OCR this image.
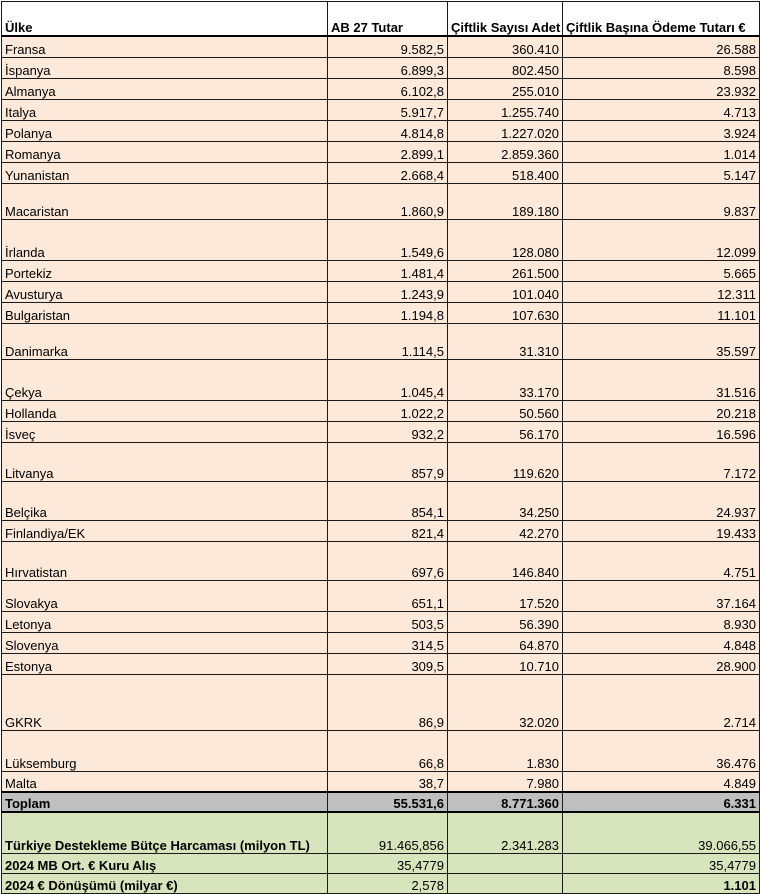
Ülke	AB 27 Tutar	Çiftlik Sayısı Adet	Çiftlik Başına Ödeme Tutarı €
Fransa	9.582,5	360.410	26.588
İspanya	6.899,3	802.450	8.598
Almanya	6.102,8	255.010	23.932
Italya	5.917,7	1.255.740	4.713
Polanya	4.814,8	1.227.020	3.924
Romanya	2.899,1	2.859.360	1.014
Yunanistan	2.668,4	518.400	5.147
Macaristan	1.860,9	189.180	9.837
İrlanda	1.549,6	128.080	12.099
Portekiz	1.481,4	261.500	5.665
Avusturya	1.243,9	101.040	12.311
Bulgaristan	1.194,8	107.630	11.101
Danimarka	1.114,5	31.310	35.597
Çekya	1.045,4	33.170	31.516
Hollanda	1.022,2	50.560	20.218
İsveç	932,2	56.170	16.596
Litvanya	857,9	119.620	7.172
Belçika	854,1	34.250	24.937
Finlandiya/EK	821,4	42.270	19.433
Hırvatistan	697,6	146.840	4.751
Slovakya	651,1	17.520	37.164
Letonya	503,5	56.390	8.930
Slovenya	314,5	64.870	4.848
Estonya	309,5	10.710	28.900
GKRK	86,9	32.020	2.714
Lüksemburg	66,8	1.830	36.476
Malta	38,7	7.980	4.849
Toplam	55.531,6	8.771.360	6.331

Türkiye Destekleme Bütçe Harcaması (milyon TL)	91.465,856	2.341.283	39.066,55
2024 MB Ort. € Kuru Alış	35,4779		35,4779
2024 € Dönüşümü (milyar €)	2,578		1.101
